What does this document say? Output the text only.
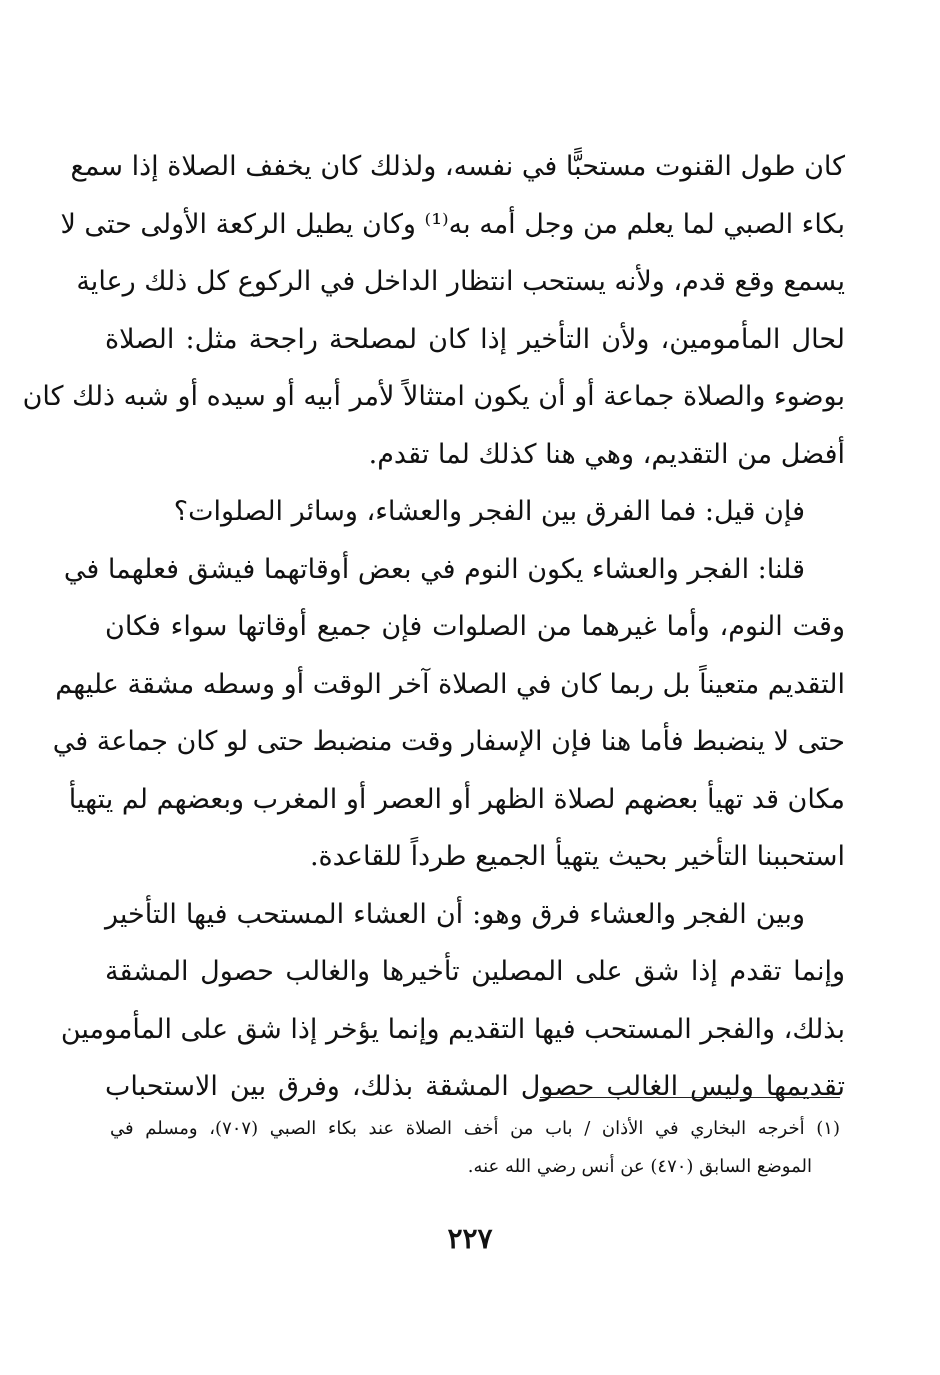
كان طول القنوت مستحبًّا في نفسه، ولذلك كان يخفف الصلاة إذا سمع
بكاء الصبي لما يعلم من وجل أمه به⁽¹⁾ وكان يطيل الركعة الأولى حتى لا
يسمع وقع قدم، ولأنه يستحب انتظار الداخل في الركوع كل ذلك رعاية
لحال المأمومين، ولأن التأخير إذا كان لمصلحة راجحة مثل: الصلاة
بوضوء والصلاة جماعة أو أن يكون امتثالاً لأمر أبيه أو سيده أو شبه ذلك كان
أفضل من التقديم، وهي هنا كذلك لما تقدم.
فإن قيل: فما الفرق بين الفجر والعشاء، وسائر الصلوات؟
قلنا: الفجر والعشاء يكون النوم في بعض أوقاتهما فيشق فعلهما في
وقت النوم، وأما غيرهما من الصلوات فإن جميع أوقاتها سواء فكان
التقديم متعيناً بل ربما كان في الصلاة آخر الوقت أو وسطه مشقة عليهم
حتى لا ينضبط فأما هنا فإن الإسفار وقت منضبط حتى لو كان جماعة في
مكان قد تهيأ بعضهم لصلاة الظهر أو العصر أو المغرب وبعضهم لم يتهيأ
استحببنا التأخير بحيث يتهيأ الجميع طرداً للقاعدة.
وبين الفجر والعشاء فرق وهو: أن العشاء المستحب فيها التأخير
وإنما تقدم إذا شق على المصلين تأخيرها والغالب حصول المشقة
بذلك، والفجر المستحب فيها التقديم وإنما يؤخر إذا شق على المأمومين
تقديمها وليس الغالب حصول المشقة بذلك، وفرق بين الاستحباب
(١) أخرجه البخاري في الأذان / باب من أخف الصلاة عند بكاء الصبي (٧٠٧)، ومسلم في
الموضع السابق (٤٧٠) عن أنس رضي الله عنه.
٢٢٧
